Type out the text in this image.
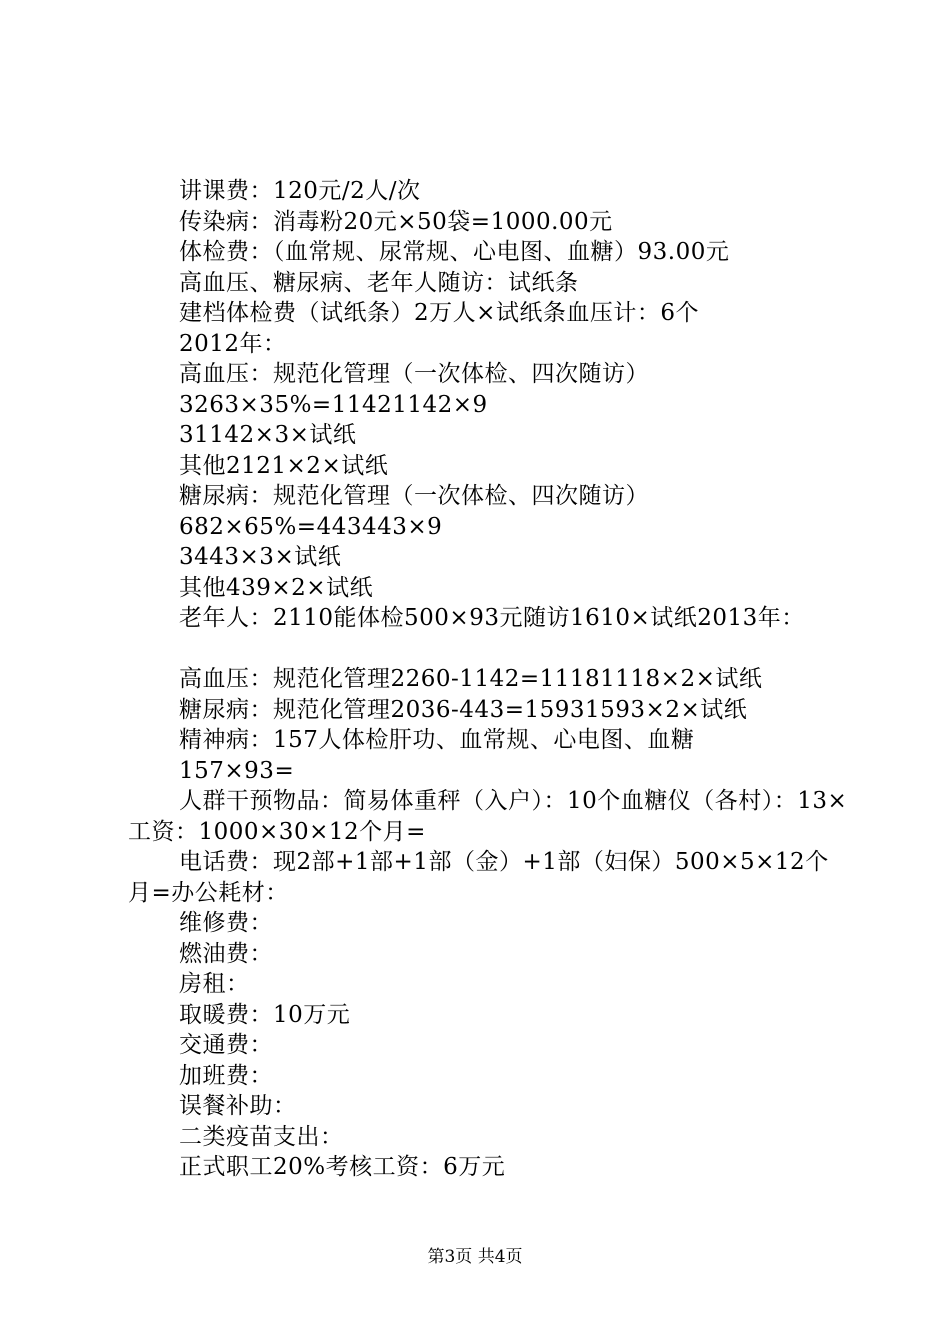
讲课费：120元/2人/次
传染病：消毒粉20元×50袋=1000.00元
体检费：（血常规、尿常规、心电图、血糖）93.00元
高血压、糖尿病、老年人随访：试纸条
建档体检费（试纸条）2万人×试纸条血压计：6个
2012年：
高血压：规范化管理（一次体检、四次随访）
3263×35%=11421142×9
31142×3×试纸
其他2121×2×试纸
糖尿病：规范化管理（一次体检、四次随访）
682×65%=443443×9
3443×3×试纸
其他439×2×试纸
老年人：2110能体检500×93元随访1610×试纸2013年：
高血压：规范化管理2260-1142=11181118×2×试纸
糖尿病：规范化管理2036-443=15931593×2×试纸
精神病：157人体检肝功、血常规、心电图、血糖
157×93=
人群干预物品：简易体重秤（入户）：10个血糖仪（各村）：13×工资：1000×30×12个月=
电话费：现2部+1部+1部（金）+1部（妇保）500×5×12个月=办公耗材：
维修费：
燃油费：
房租：
取暖费：10万元
交通费：
加班费：
误餐补助：
二类疫苗支出：
正式职工20%考核工资：6万元
第3页 共4页
